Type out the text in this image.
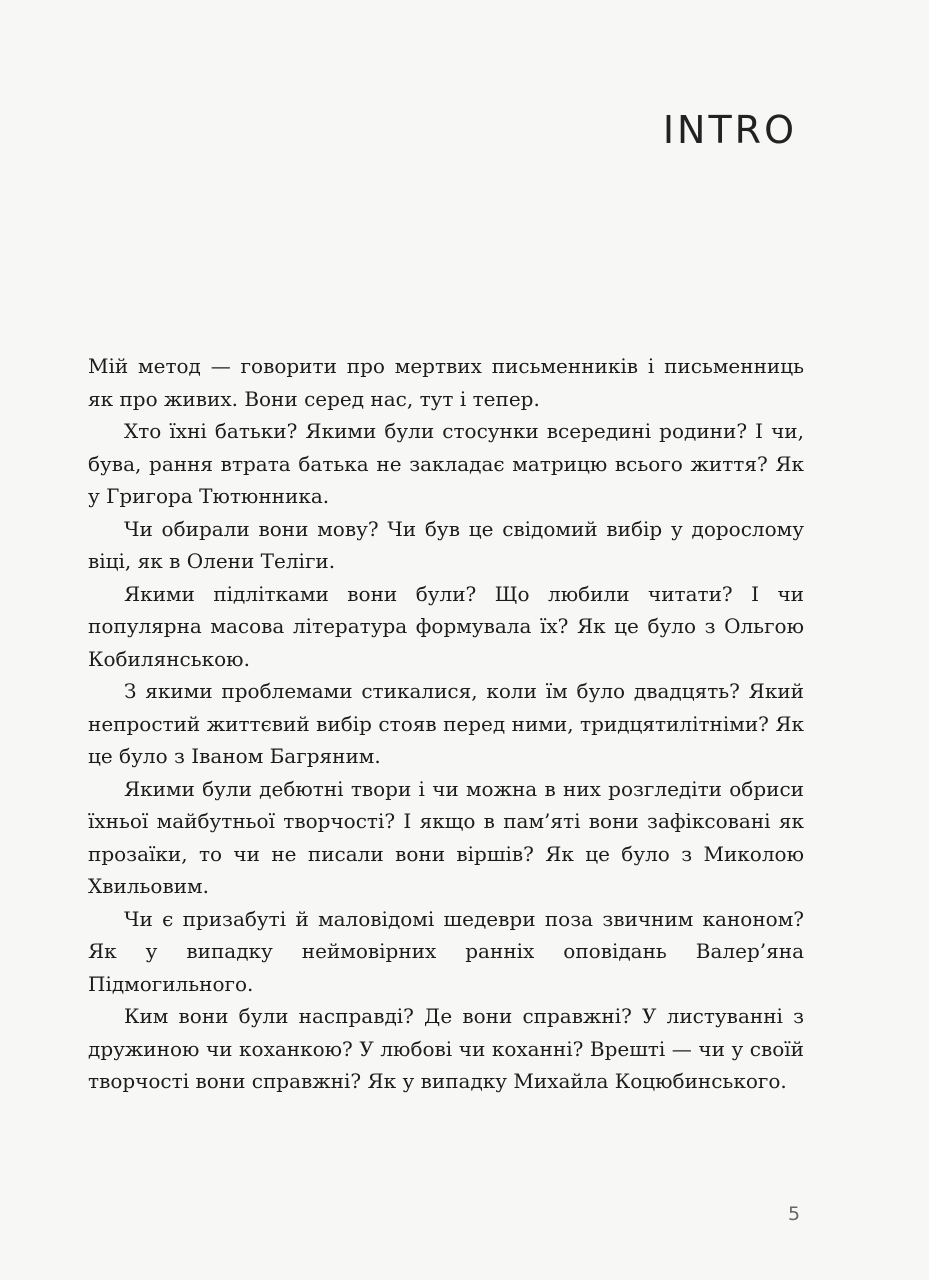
INTRO

Мій метод — говорити про мертвих письменників і письменниць як про живих. Вони серед нас, тут і тепер.

Хто їхні батьки? Якими були стосунки всередині родини? І чи, бува, рання втрата батька не закладає матрицю всього життя? Як у Григора Тютюнника.

Чи обирали вони мову? Чи був це свідомий вибір у дорослому віці, як в Олени Теліги.

Якими підлітками вони були? Що любили читати? І чи популярна масова література формувала їх? Як це було з Ольгою Кобилянською.

З якими проблемами стикалися, коли їм було двадцять? Який непростий життєвий вибір стояв перед ними, тридцятилітніми? Як це було з Іваном Багряним.

Якими були дебютні твори і чи можна в них розгледіти обриси їхньої майбутньої творчості? І якщо в пам’яті вони зафіксовані як прозаїки, то чи не писали вони віршів? Як це було з Миколою Хвильовим.

Чи є призабуті й маловідомі шедеври поза звичним каноном? Як у випадку неймовірних ранніх оповідань Валер’яна Підмогильного.

Ким вони були насправді? Де вони справжні? У листуванні з дружиною чи коханкою? У любові чи коханні? Врешті — чи у своїй творчості вони справжні? Як у випадку Михайла Коцюбинського.

5
